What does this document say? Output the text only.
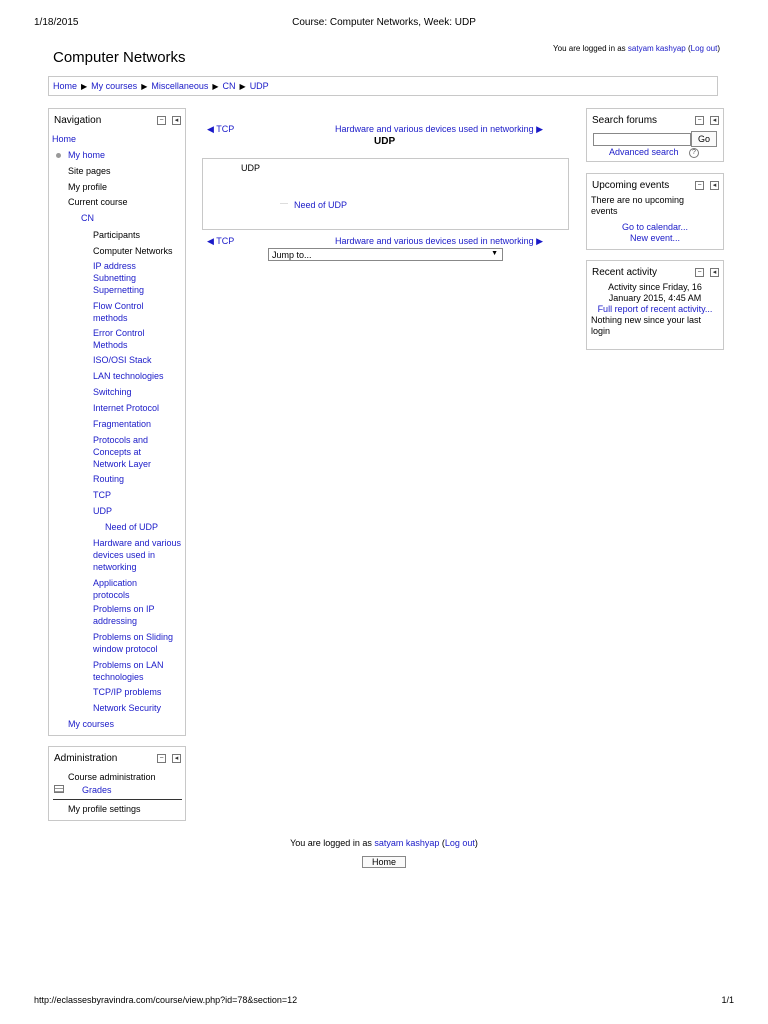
1/18/2015	Course: Computer Networks, Week: UDP
http://eclassesbyravindra.com/course/view.php?id=78&section=12	1/1
Computer Networks
You are logged in as satyam kashyap (Log out)
Home ▶ My courses ▶ Miscellaneous ▶ CN ▶ UDP
Navigation	−	◂
Home
My home
Site pages
My profile
Current course
CN
Participants
Computer Networks
IP address Subnetting Supernetting
Flow Control methods
Error Control Methods
ISO/OSI Stack
LAN technologies
Switching
Internet Protocol
Fragmentation
Protocols and Concepts at Network Layer
Routing
TCP
UDP
Need of UDP
Hardware and various devices used in networking
Application protocols
Problems on IP addressing
Problems on Sliding window protocol
Problems on LAN technologies
TCP/IP problems
Network Security
My courses
Administration	−	◂
Course administration
Grades
My profile settings
◀ TCP	Hardware and various devices used in networking ▶
UDP
UDP
Need of UDP
◀ TCP	Hardware and various devices used in networking ▶
Jump to...	▼
Search forums	−	◂
Go
Advanced search	?
Upcoming events	−	◂
There are no upcoming events
Go to calendar...
New event...
Recent activity	−	◂
Activity since Friday, 16 January 2015, 4:45 AM
Full report of recent activity...
Nothing new since your last login
You are logged in as satyam kashyap (Log out)
Home
